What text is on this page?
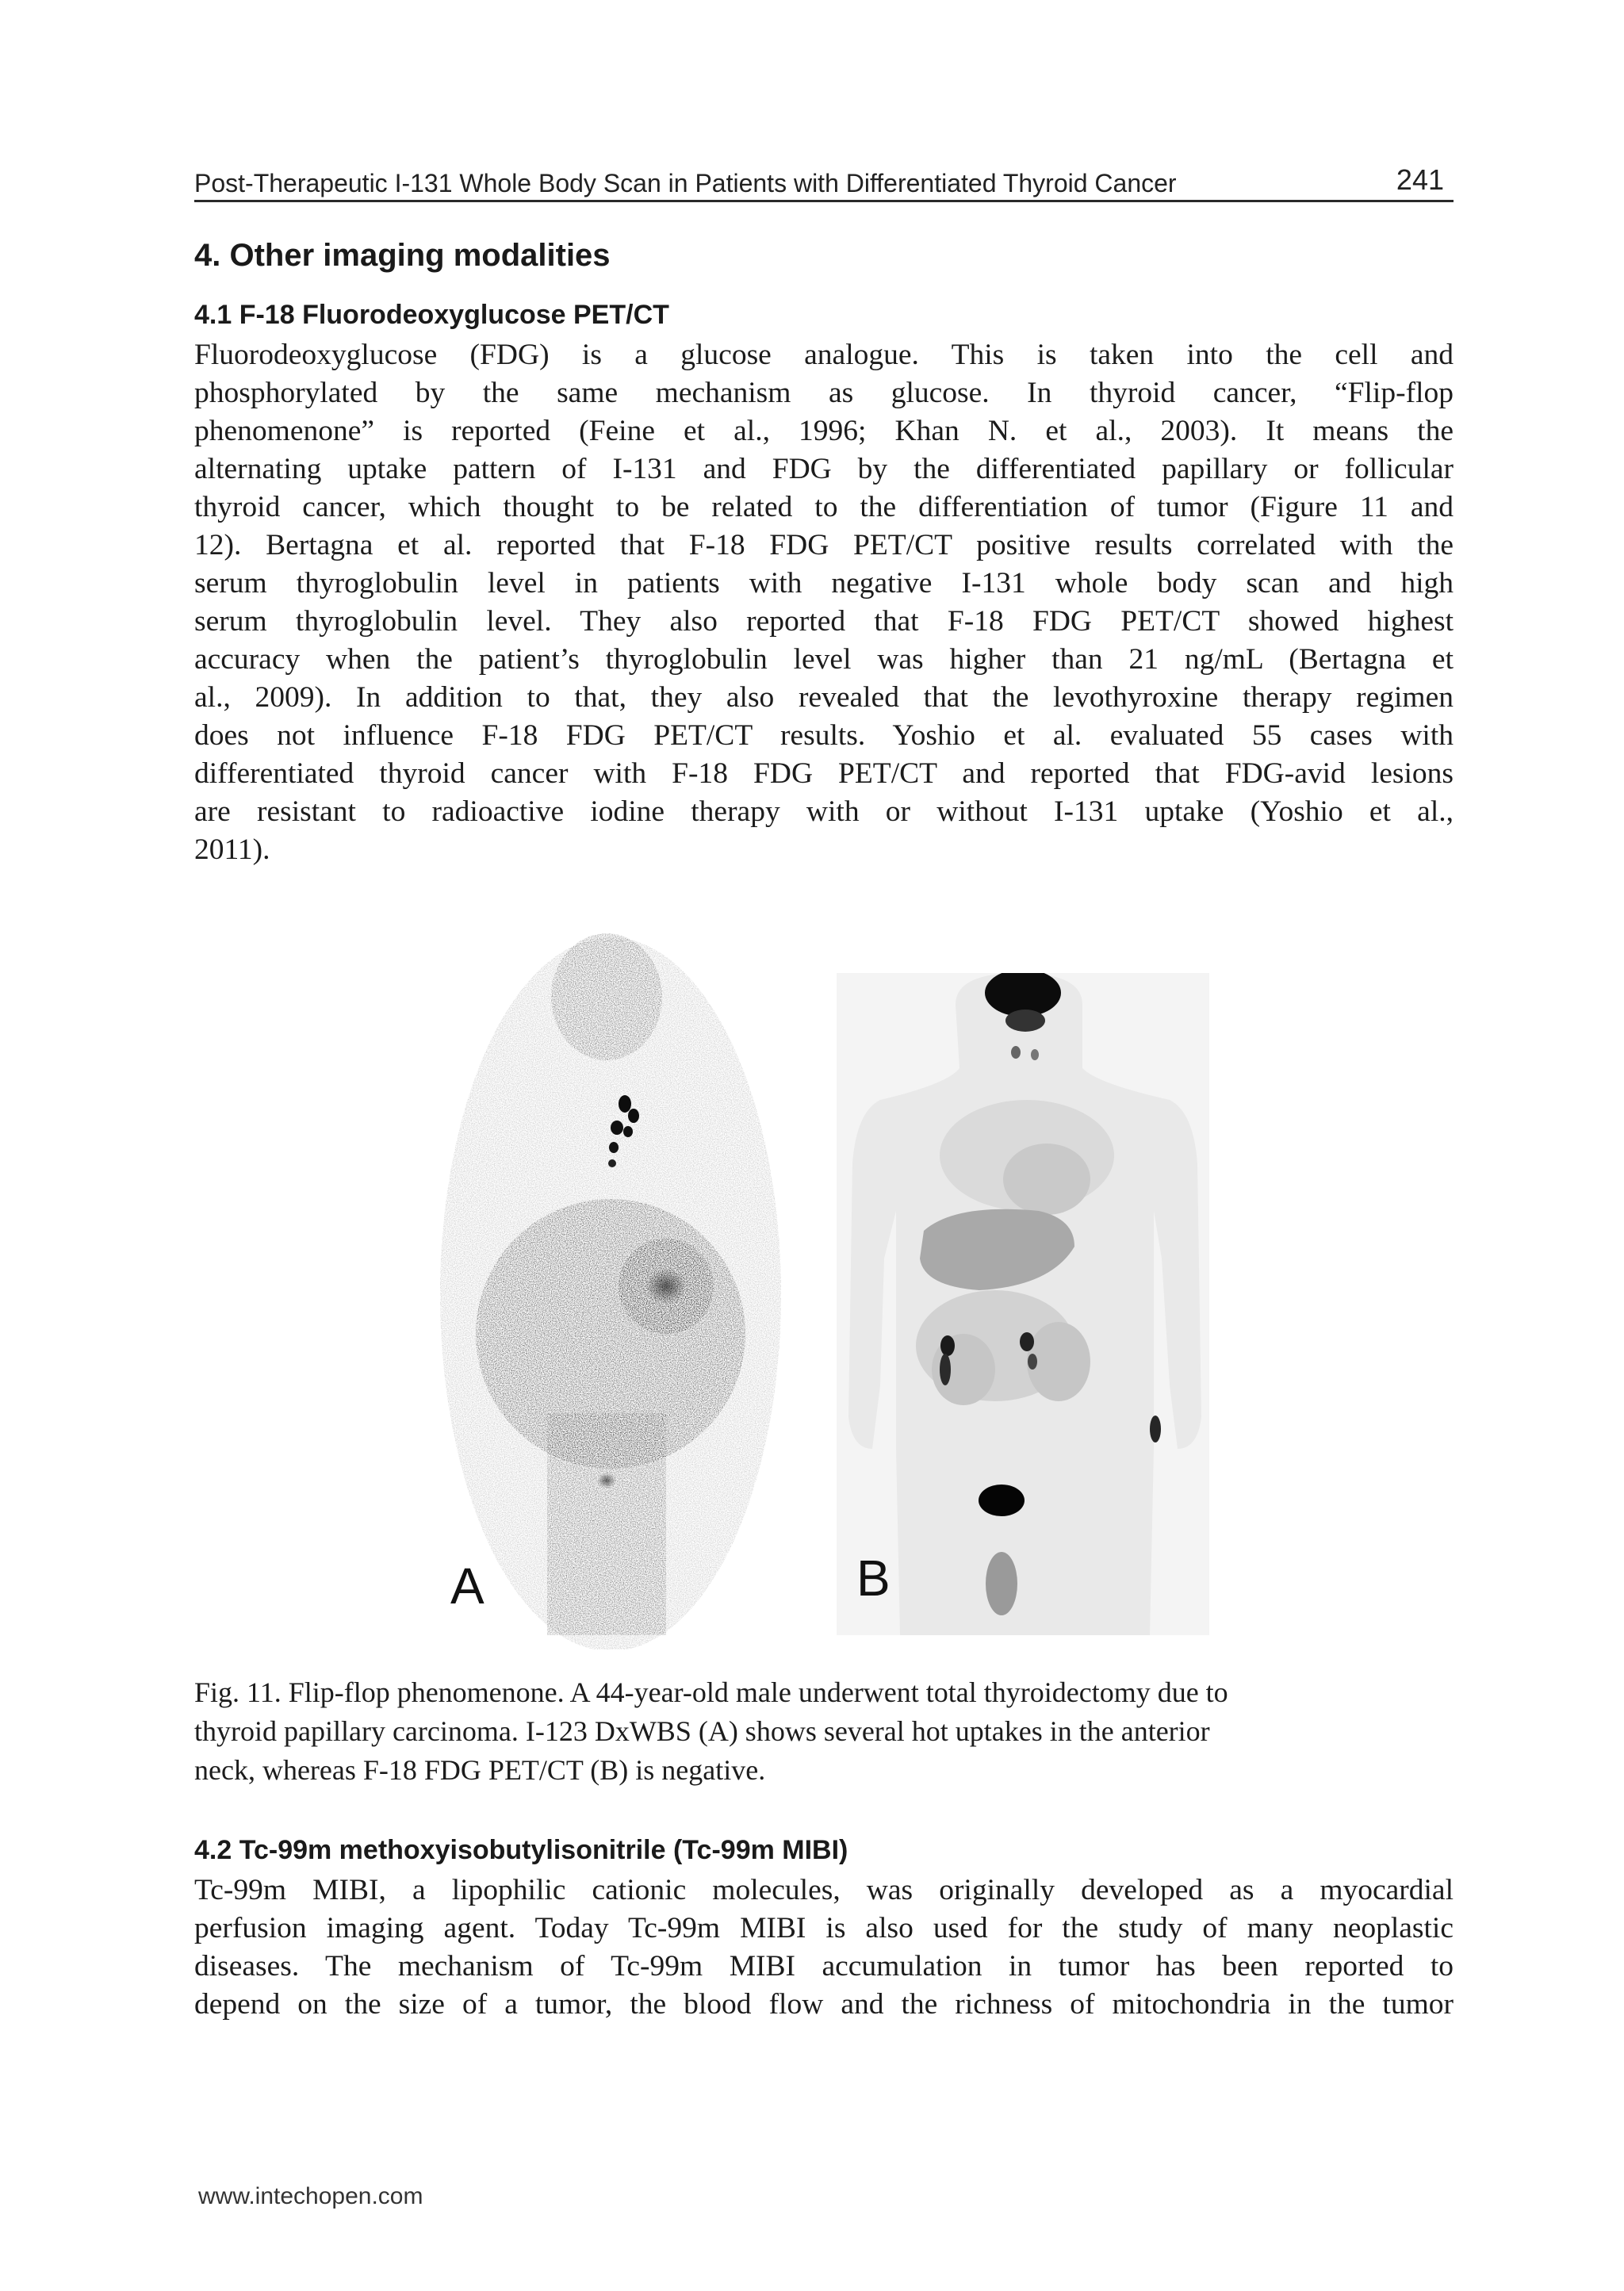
Post-Therapeutic I-131 Whole Body Scan in Patients with Differentiated Thyroid Cancer	241
4. Other imaging modalities
4.1 F-18 Fluorodeoxyglucose PET/CT

Fluorodeoxyglucose (FDG) is a glucose analogue. This is taken into the cell and
phosphorylated by the same mechanism as glucose. In thyroid cancer, “Flip-flop
phenomenone” is reported (Feine et al., 1996; Khan N. et al., 2003). It means the
alternating uptake pattern of I-131 and FDG by the differentiated papillary or follicular
thyroid cancer, which thought to be related to the differentiation of tumor (Figure 11 and
12). Bertagna et al. reported that F-18 FDG PET/CT positive results correlated with the
serum thyroglobulin level in patients with negative I-131 whole body scan and high
serum thyroglobulin level. They also reported that F-18 FDG PET/CT showed highest
accuracy when the patient’s thyroglobulin level was higher than 21 ng/mL (Bertagna et
al., 2009). In addition to that, they also revealed that the levothyroxine therapy regimen
does not influence F-18 FDG PET/CT results. Yoshio et al. evaluated 55 cases with
differentiated thyroid cancer with F-18 FDG PET/CT and reported that FDG-avid lesions
are resistant to radioactive iodine therapy with or without I-131 uptake (Yoshio et al.,
2011).

A	B

Fig. 11. Flip-flop phenomenone. A 44-year-old male underwent total thyroidectomy due to
thyroid papillary carcinoma. I-123 DxWBS (A) shows several hot uptakes in the anterior
neck, whereas F-18 FDG PET/CT (B) is negative.

4.2 Tc-99m methoxyisobutylisonitrile (Tc-99m MIBI)

Tc-99m MIBI, a lipophilic cationic molecules, was originally developed as a myocardial
perfusion imaging agent. Today Tc-99m MIBI is also used for the study of many neoplastic
diseases. The mechanism of Tc-99m MIBI accumulation in tumor has been reported to
depend on the size of a tumor, the blood flow and the richness of mitochondria in the tumor

www.intechopen.com
